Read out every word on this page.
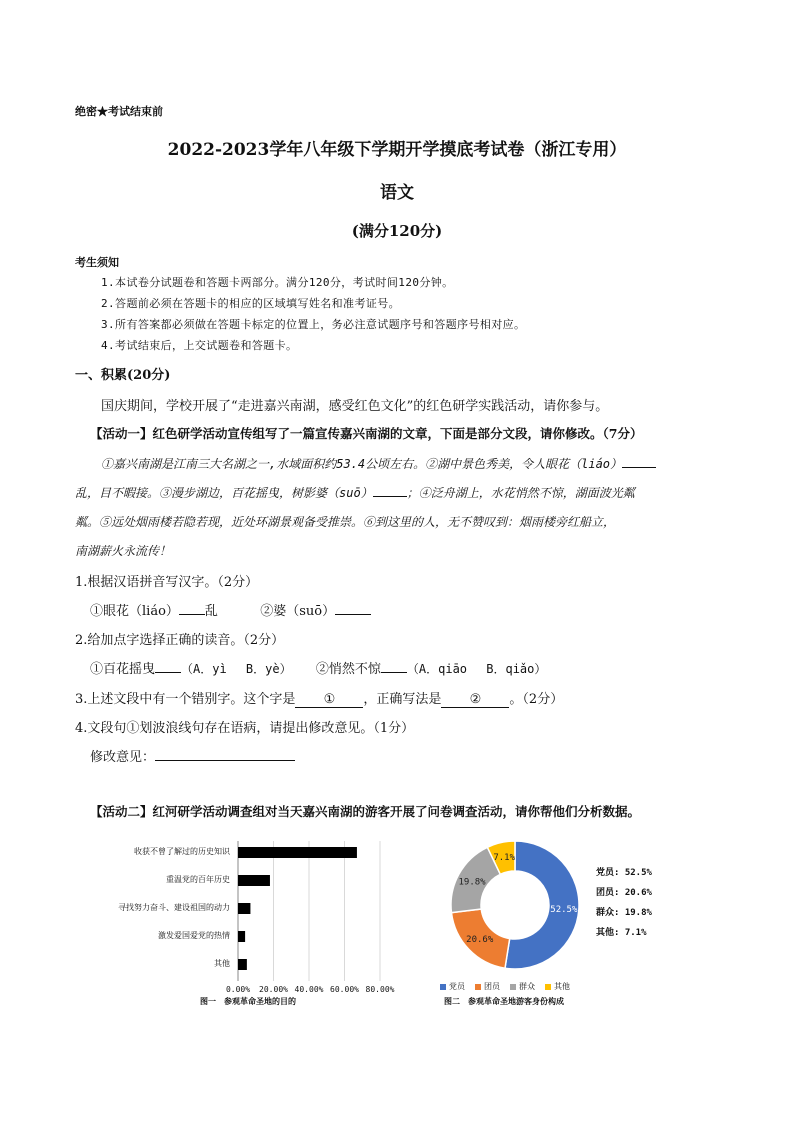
绝密★考试结束前
2022-2023学年八年级下学期开学摸底考试卷（浙江专用）
语文
(满分120分)
考生须知
1.本试卷分试题卷和答题卡两部分。满分120分，考试时间120分钟。
2.答题前必须在答题卡的相应的区域填写姓名和准考证号。
3.所有答案都必须做在答题卡标定的位置上，务必注意试题序号和答题序号相对应。
4.考试结束后，上交试题卷和答题卡。
一、积累(20分)
国庆期间，学校开展了“走进嘉兴南湖，感受红色文化”的红色研学实践活动，请你参与。
【活动一】红色研学活动宣传组写了一篇宣传嘉兴南湖的文章，下面是部分文段，请你修改。（7分）
①嘉兴南湖是江南三大名湖之一,水域面积约53.4公顷左右。②湖中景色秀美，令人眼花（liáo）
乱，目不暇接。③漫步湖边，百花摇曳，树影婆（suō）	；④泛舟湖上，水花悄然不惊，湖面波光粼
粼。⑤远处烟雨楼若隐若现，近处环湖景观备受推崇。⑥到这里的人，无不赞叹到：烟雨楼旁红船立，
南湖薪火永流传！
1.根据汉语拼音写汉字。（2分）
①眼花（liáo） 乱	②婆（suō）
2.给加点字选择正确的读音。（2分）
①百花摇曳 （A．yì　 B．yè） ②悄然不惊 （A．qiāo　 B．qiǎo）
3.上述文段中有一个错别字。这个字是 ① ，正确写法是 ② 。（2分）
4.文段句①划波浪线句存在语病，请提出修改意见。（1分）
修改意见：
【活动二】红河研学活动调查组对当天嘉兴南湖的游客开展了问卷调查活动，请你帮他们分析数据。
收获不曾了解过的历史知识
重温党的百年历史
寻找努力奋斗、建设祖国的动力
激发爱国爱党的热情
其他
0.00%	20.00% 40.00% 60.00% 80.00%
图一　参观革命圣地的目的
52.5%
20.6%
19.8%
7.1%
党员: 52.5%
团员: 20.6%
群众: 19.8%
其他: 7.1%
党员 团员 群众 其他
图二　参观革命圣地游客身份构成
